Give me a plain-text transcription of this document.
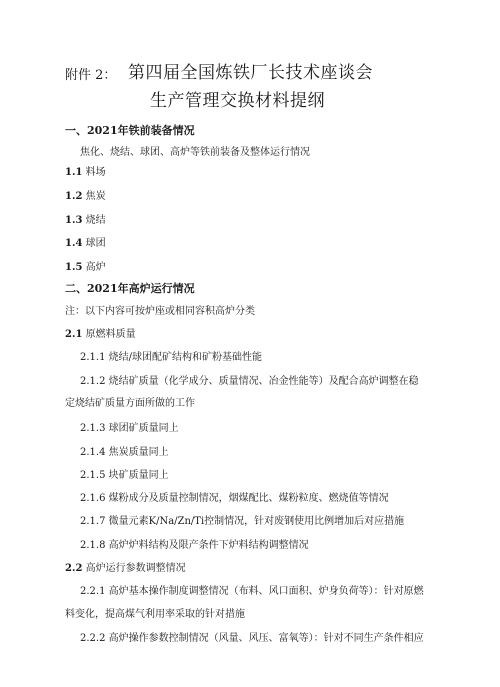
附件 2： 第四届全国炼铁厂长技术座谈会
生产管理交换材料提纲
一、2021年铁前装备情况
焦化、烧结、球团、高炉等铁前装备及整体运行情况
1.1 料场
1.2 焦炭
1.3 烧结
1.4 球团
1.5 高炉
二、2021年高炉运行情况
注：以下内容可按炉座或相同容积高炉分类
2.1 原燃料质量
2.1.1 烧结/球团配矿结构和矿粉基础性能
2.1.2 烧结矿质量（化学成分、质量情况、冶金性能等）及配合高炉调整在稳
定烧结矿质量方面所做的工作
2.1.3 球团矿质量同上
2.1.4 焦炭质量同上
2.1.5 块矿质量同上
2.1.6 煤粉成分及质量控制情况，烟煤配比、煤粉粒度、燃烧值等情况
2.1.7 微量元素K/Na/Zn/Ti控制情况，针对废钢使用比例增加后对应措施
2.1.8 高炉炉料结构及限产条件下炉料结构调整情况
2.2 高炉运行参数调整情况
2.2.1 高炉基本操作制度调整情况（布料、风口面积、炉身负荷等）：针对原燃
料变化，提高煤气利用率采取的针对措施
2.2.2 高炉操作参数控制情况（风量、风压、富氧等）：针对不同生产条件相应
